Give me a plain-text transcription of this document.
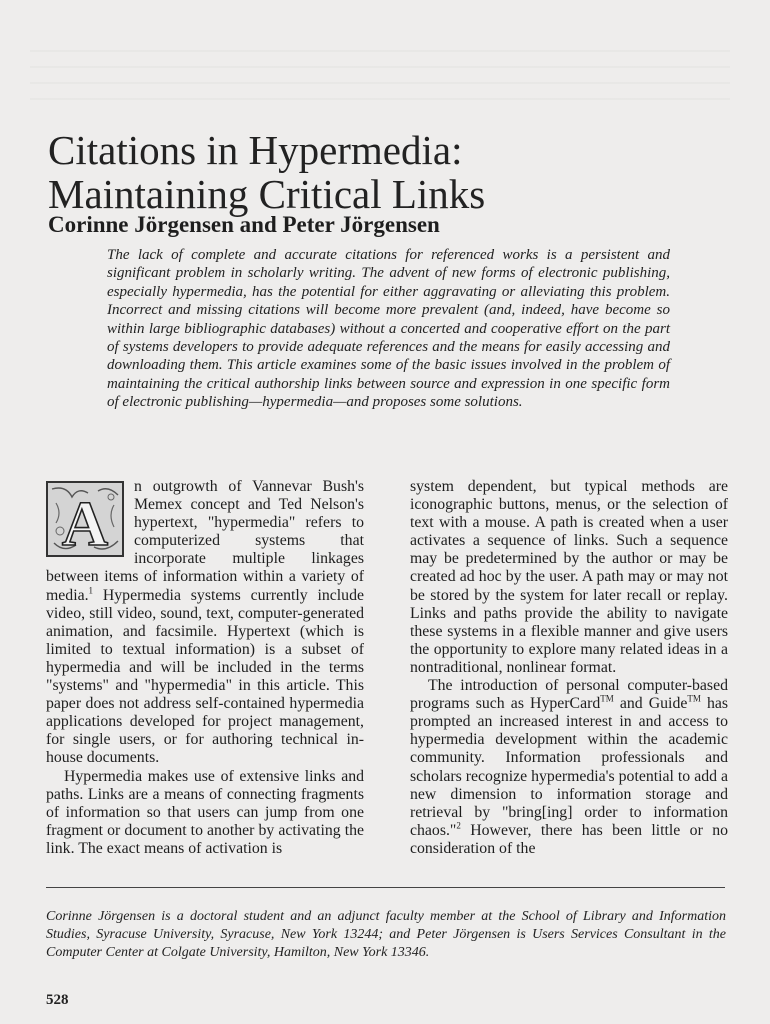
Citations in Hypermedia:
Maintaining Critical Links

Corinne Jörgensen and Peter Jörgensen

The lack of complete and accurate citations for referenced works is a persistent and significant problem in scholarly writing. The advent of new forms of electronic publishing, especially hypermedia, has the potential for either aggravating or alleviating this problem. Incorrect and missing citations will become more prevalent (and, indeed, have become so within large bibliographic databases) without a concerted and cooperative effort on the part of systems developers to provide adequate references and the means for easily accessing and downloading them. This article examines some of the basic issues involved in the problem of maintaining the critical authorship links between source and expression in one specific form of electronic publishing—hypermedia—and proposes some solutions.

A

n outgrowth of Vannevar Bush's Memex concept and Ted Nelson's hypertext, "hypermedia" refers to computerized systems that incorporate multiple linkages between items of information within a variety of media.$^1$ Hypermedia systems currently include video, still video, sound, text, computer-generated animation, and facsimile. Hypertext (which is limited to textual information) is a subset of hypermedia and will be included in the terms "systems" and "hypermedia" in this article. This paper does not address self-contained hypermedia applications developed for project management, for single users, or for authoring technical in-house documents.

Hypermedia makes use of extensive links and paths. Links are a means of connecting fragments of information so that users can jump from one fragment or document to another by activating the link. The exact means of activation is

system dependent, but typical methods are iconographic buttons, menus, or the selection of text with a mouse. A path is created when a user activates a sequence of links. Such a sequence may be predetermined by the author or may be created ad hoc by the user. A path may or may not be stored by the system for later recall or replay. Links and paths provide the ability to navigate these systems in a flexible manner and give users the opportunity to explore many related ideas in a nontraditional, nonlinear format.

The introduction of personal computer-based programs such as HyperCard™ and Guide™ has prompted an increased interest in and access to hypermedia development within the academic community. Information professionals and scholars recognize hypermedia's potential to add a new dimension to information storage and retrieval by "bring[ing] order to information chaos."$^2$ However, there has been little or no consideration of the

Corinne Jörgensen is a doctoral student and an adjunct faculty member at the School of Library and Information Studies, Syracuse University, Syracuse, New York 13244; and Peter Jörgensen is Users Services Consultant in the Computer Center at Colgate University, Hamilton, New York 13346.

528
